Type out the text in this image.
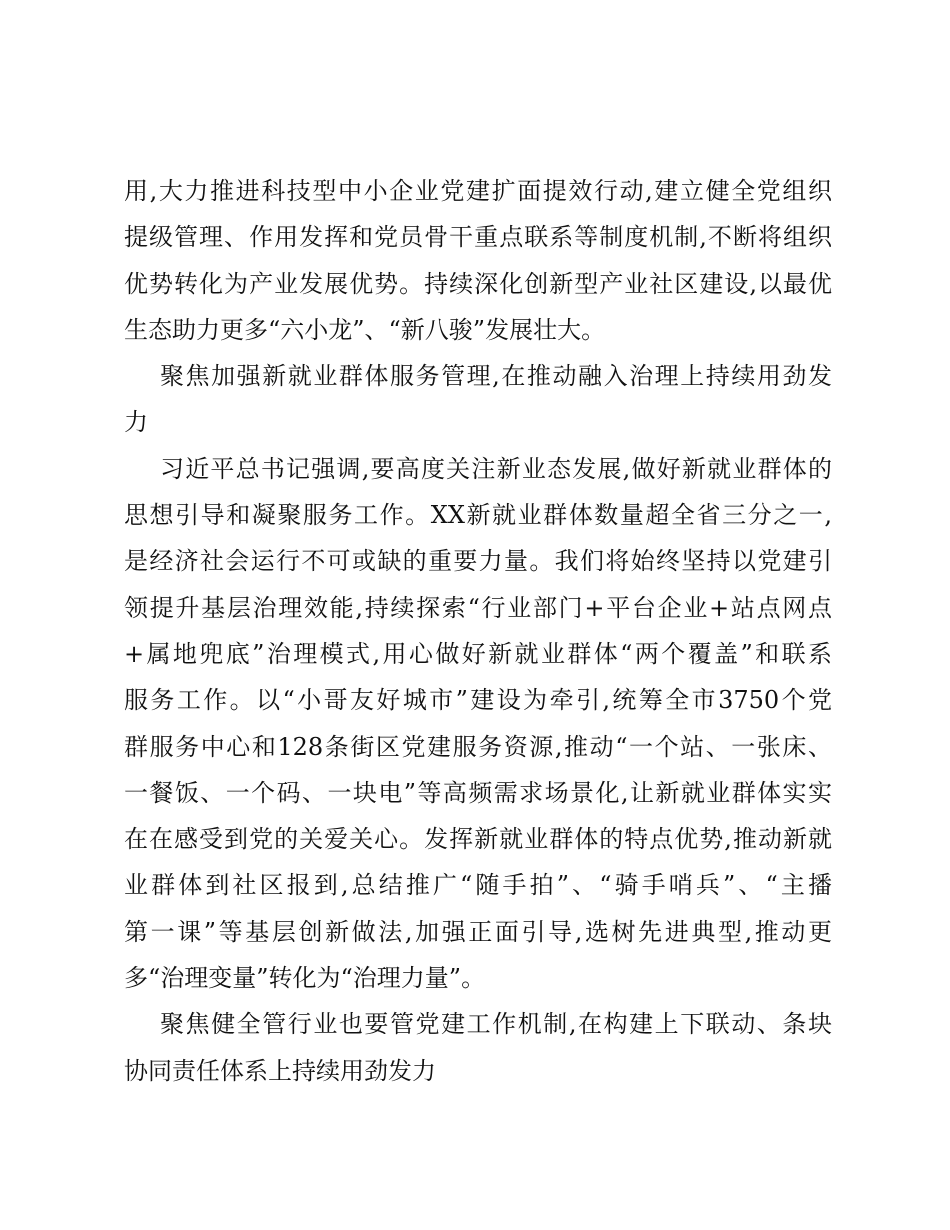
用,大力推进科技型中小企业党建扩面提效行动,建立健全党组织
提级管理、作用发挥和党员骨干重点联系等制度机制,不断将组织
优势转化为产业发展优势。持续深化创新型产业社区建设,以最优
生态助力更多“六小龙”、“新八骏”发展壮大。
聚焦加强新就业群体服务管理,在推动融入治理上持续用劲发
力
习近平总书记强调,要高度关注新业态发展,做好新就业群体的
思想引导和凝聚服务工作。XX新就业群体数量超全省三分之一,
是经济社会运行不可或缺的重要力量。我们将始终坚持以党建引
领提升基层治理效能,持续探索“行业部门+平台企业+站点网点
+属地兜底”治理模式,用心做好新就业群体“两个覆盖”和联系
服务工作。以“小哥友好城市”建设为牵引,统筹全市3750个党
群服务中心和128条街区党建服务资源,推动“一个站、一张床、
一餐饭、一个码、一块电”等高频需求场景化,让新就业群体实实
在在感受到党的关爱关心。发挥新就业群体的特点优势,推动新就
业群体到社区报到,总结推广“随手拍”、“骑手哨兵”、“主播
第一课”等基层创新做法,加强正面引导,选树先进典型,推动更
多“治理变量”转化为“治理力量”。
聚焦健全管行业也要管党建工作机制,在构建上下联动、条块
协同责任体系上持续用劲发力
